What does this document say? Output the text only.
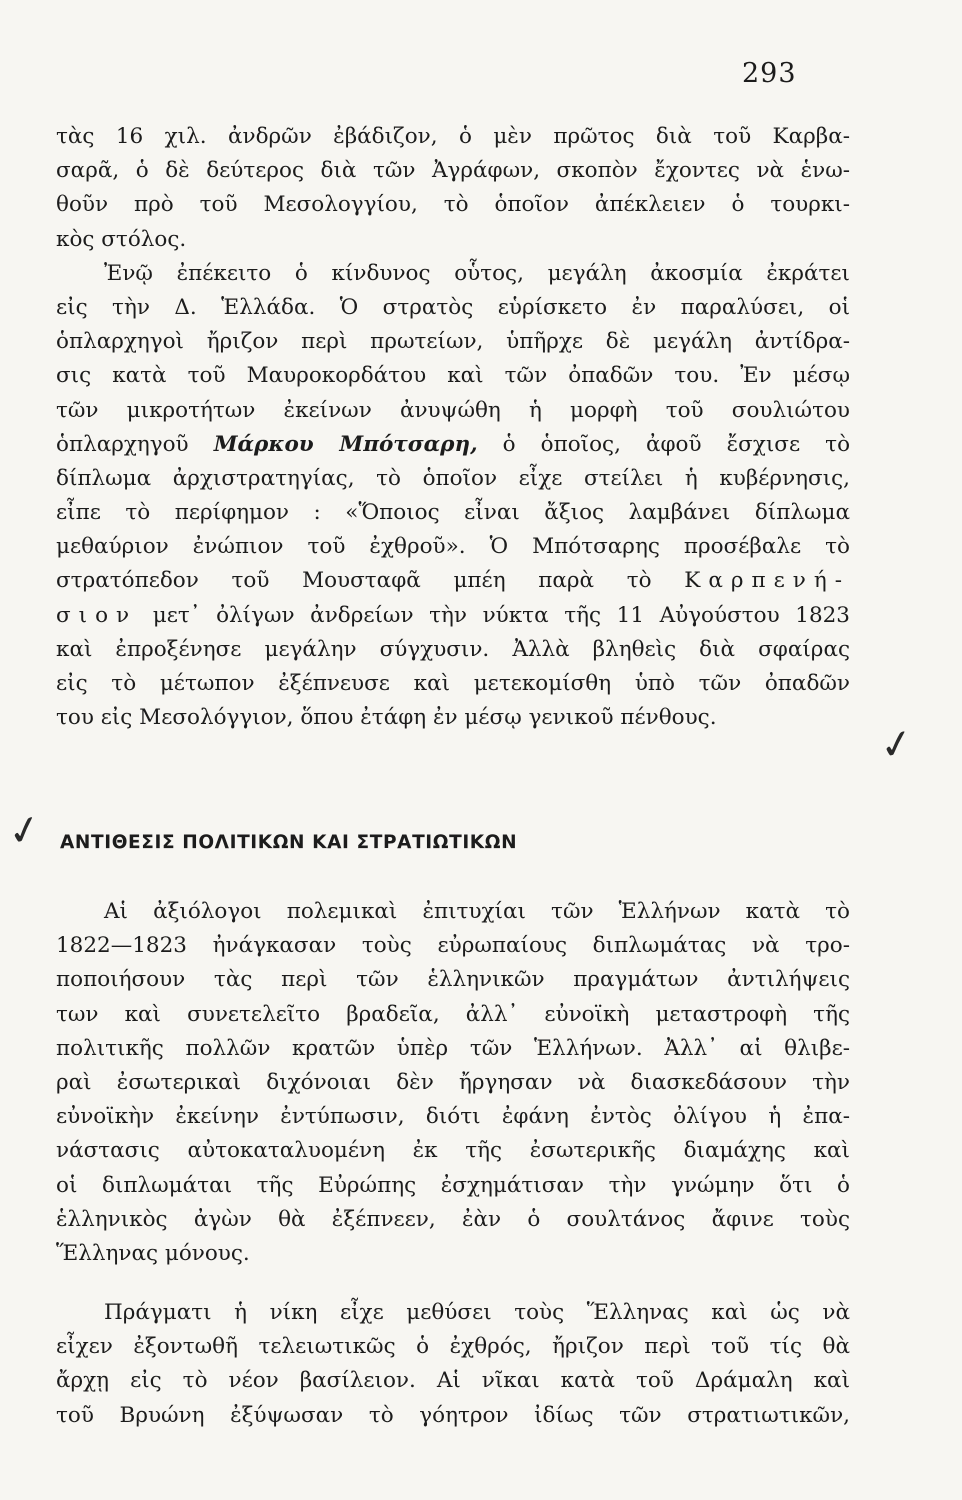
293
τὰς 16 χιλ. ἀνδρῶν ἐβάδιζον, ὁ μὲν πρῶτος διὰ τοῦ Καρβα-
σαρᾶ, ὁ δὲ δεύτερος διὰ τῶν Ἀγράφων, σκοπὸν ἔχοντες νὰ ἑνω-
θοῦν πρὸ τοῦ Μεσολογγίου, τὸ ὁποῖον ἀπέκλειεν ὁ τουρκι-
κὸς στόλος.
Ἐνῷ ἐπέκειτο ὁ κίνδυνος οὗτος, μεγάλη ἀκοσμία ἐκράτει
εἰς τὴν Δ. Ἑλλάδα. Ὁ στρατὸς εὑρίσκετο ἐν παραλύσει, οἱ
ὁπλαρχηγοὶ ἤριζον περὶ πρωτείων, ὑπῆρχε δὲ μεγάλη ἀντίδρα-
σις κατὰ τοῦ Μαυροκορδάτου καὶ τῶν ὀπαδῶν του. Ἐν μέσῳ
τῶν μικροτήτων ἐκείνων ἀνυψώθη ἡ μορφὴ τοῦ σουλιώτου
ὁπλαρχηγοῦ Μάρκου Μπότσαρη, ὁ ὁποῖος, ἀφοῦ ἔσχισε τὸ
δίπλωμα ἀρχιστρατηγίας, τὸ ὁποῖον εἶχε στείλει ἡ κυβέρνησις,
εἶπε τὸ περίφημον : «Ὅποιος εἶναι ἄξιος λαμβάνει δίπλωμα
μεθαύριον ἐνώπιον τοῦ ἐχθροῦ». Ὁ Μπότσαρης προσέβαλε τὸ
στρατόπεδον τοῦ Μουσταφᾶ μπέη παρὰ τὸ Καρπενή-
σιον μετ᾿ ὀλίγων ἀνδρείων τὴν νύκτα τῆς 11 Αὐγούστου 1823
καὶ ἐπροξένησε μεγάλην σύγχυσιν. Ἀλλὰ βληθεὶς διὰ σφαίρας
εἰς τὸ μέτωπον ἐξέπνευσε καὶ μετεκομίσθη ὑπὸ τῶν ὀπαδῶν
του εἰς Μεσολόγγιον, ὅπου ἐτάφη ἐν μέσῳ γενικοῦ πένθους.
ΑΝΤΙΘΕΣΙΣ ΠΟΛΙΤΙΚΩΝ ΚΑΙ ΣΤΡΑΤΙΩΤΙΚΩΝ
Αἱ ἀξιόλογοι πολεμικαὶ ἐπιτυχίαι τῶν Ἑλλήνων κατὰ τὸ
1822—1823 ἠνάγκασαν τοὺς εὐρωπαίους διπλωμάτας νὰ τρο-
ποποιήσουν τὰς περὶ τῶν ἑλληνικῶν πραγμάτων ἀντιλήψεις
των καὶ συνετελεῖτο βραδεῖα, ἀλλ᾿ εὐνοϊκὴ μεταστροφὴ τῆς
πολιτικῆς πολλῶν κρατῶν ὑπὲρ τῶν Ἑλλήνων. Ἀλλ᾿ αἱ θλιβε-
ραὶ ἐσωτερικαὶ διχόνοιαι δὲν ἤργησαν νὰ διασκεδάσουν τὴν
εὐνοϊκὴν ἐκείνην ἐντύπωσιν, διότι ἐφάνη ἐντὸς ὀλίγου ἡ ἐπα-
νάστασις αὐτοκαταλυομένη ἐκ τῆς ἐσωτερικῆς διαμάχης καὶ
οἱ διπλωμάται τῆς Εὐρώπης ἐσχημάτισαν τὴν γνώμην ὅτι ὁ
ἑλληνικὸς ἀγὼν θὰ ἐξέπνεεν, ἐὰν ὁ σουλτάνος ἄφινε τοὺς
Ἕλληνας μόνους.
Πράγματι ἡ νίκη εἶχε μεθύσει τοὺς Ἕλληνας καὶ ὡς νὰ
εἶχεν ἐξοντωθῆ τελειωτικῶς ὁ ἐχθρός, ἤριζον περὶ τοῦ τίς θὰ
ἄρχῃ εἰς τὸ νέον βασίλειον. Αἱ νῖκαι κατὰ τοῦ Δράμαλη καὶ
τοῦ Βρυώνη ἐξύψωσαν τὸ γόητρον ἰδίως τῶν στρατιωτικῶν,
✓
✓
